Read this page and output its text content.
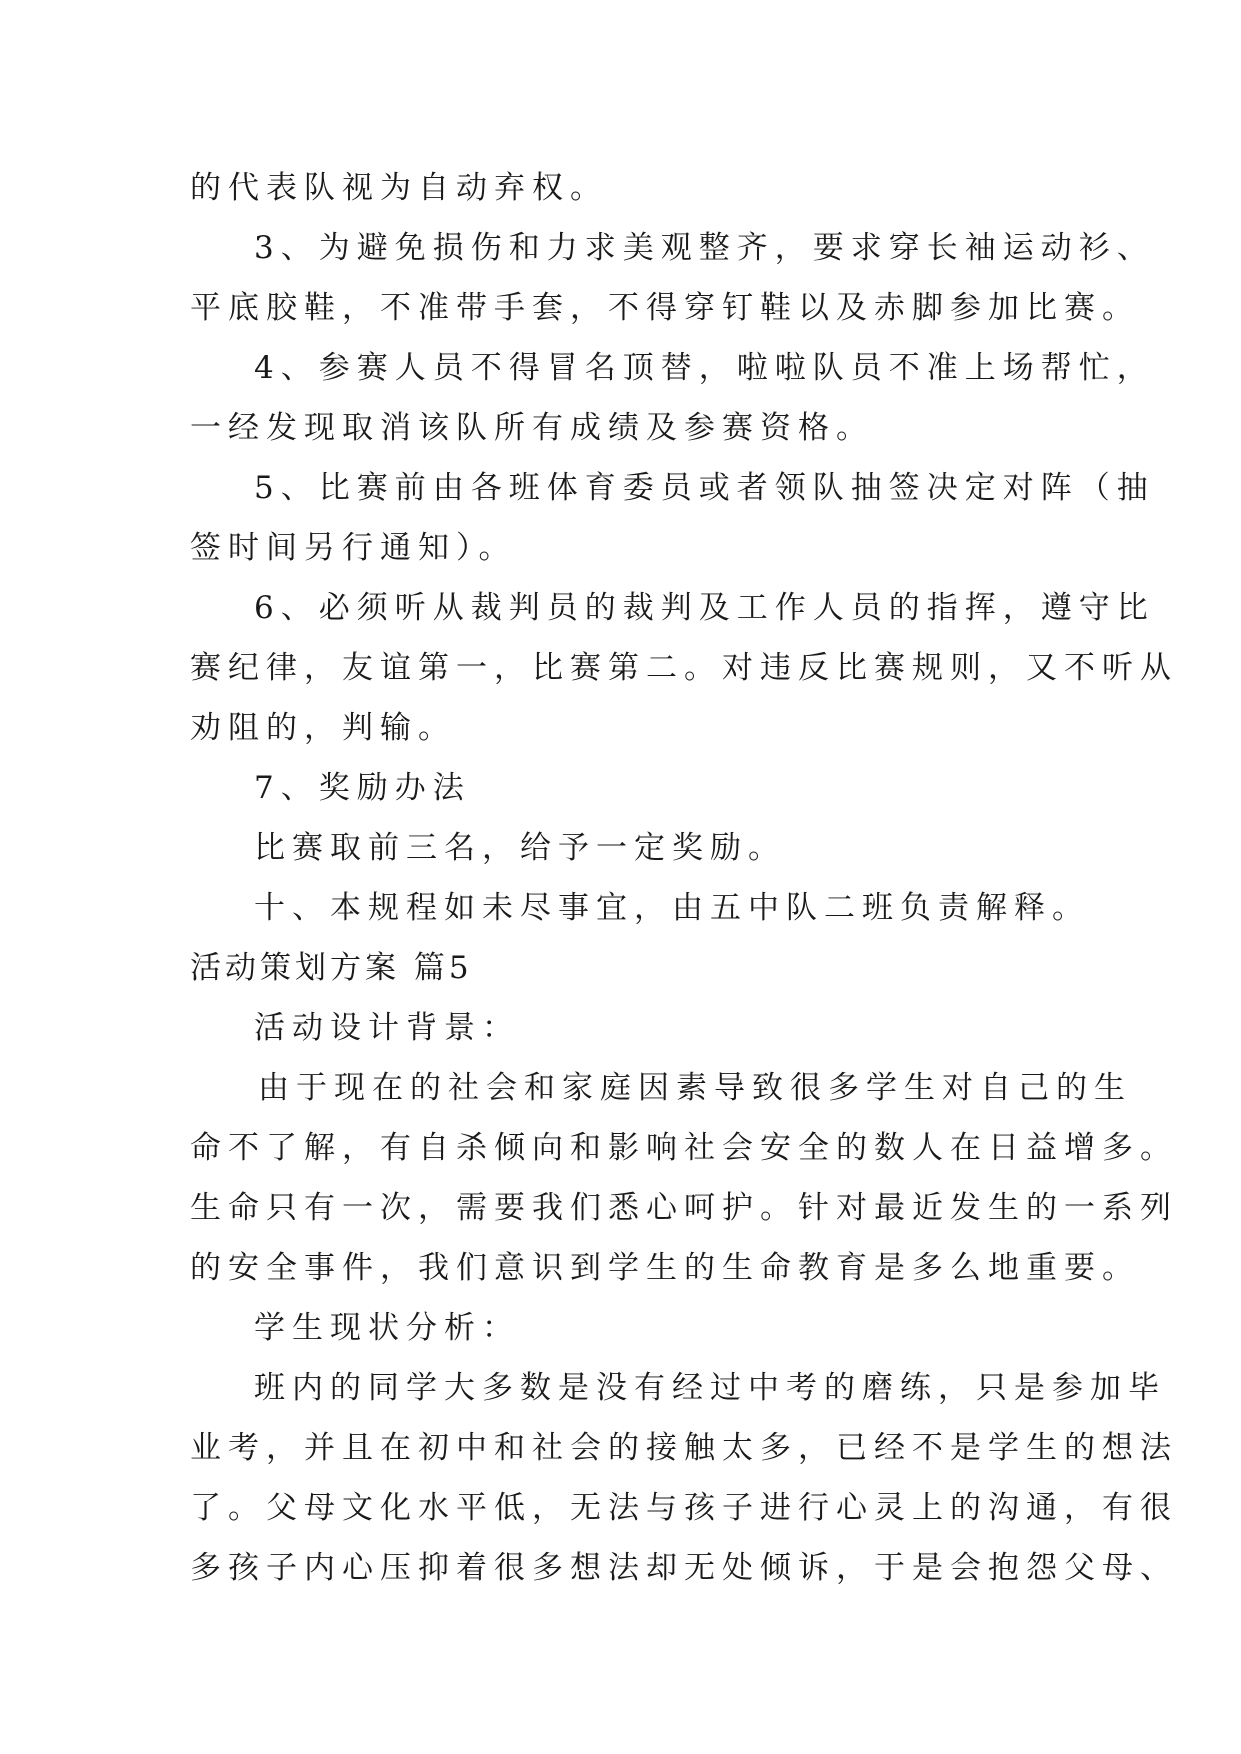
的代表队视为自动弃权。
3、为避免损伤和力求美观整齐，要求穿长袖运动衫、
平底胶鞋，不准带手套，不得穿钉鞋以及赤脚参加比赛。
4、参赛人员不得冒名顶替，啦啦队员不准上场帮忙，
一经发现取消该队所有成绩及参赛资格。
5、比赛前由各班体育委员或者领队抽签决定对阵（抽
签时间另行通知）。
6、必须听从裁判员的裁判及工作人员的指挥，遵守比
赛纪律，友谊第一，比赛第二。对违反比赛规则，又不听从
劝阻的，判输。
7、奖励办法
比赛取前三名，给予一定奖励。
十、本规程如未尽事宜，由五中队二班负责解释。
活动策划方案 篇5
活动设计背景：
由于现在的社会和家庭因素导致很多学生对自己的生
命不了解，有自杀倾向和影响社会安全的数人在日益增多。
生命只有一次，需要我们悉心呵护。针对最近发生的一系列
的安全事件，我们意识到学生的生命教育是多么地重要。
学生现状分析：
班内的同学大多数是没有经过中考的磨练，只是参加毕
业考，并且在初中和社会的接触太多，已经不是学生的想法
了。父母文化水平低，无法与孩子进行心灵上的沟通，有很
多孩子内心压抑着很多想法却无处倾诉，于是会抱怨父母、
